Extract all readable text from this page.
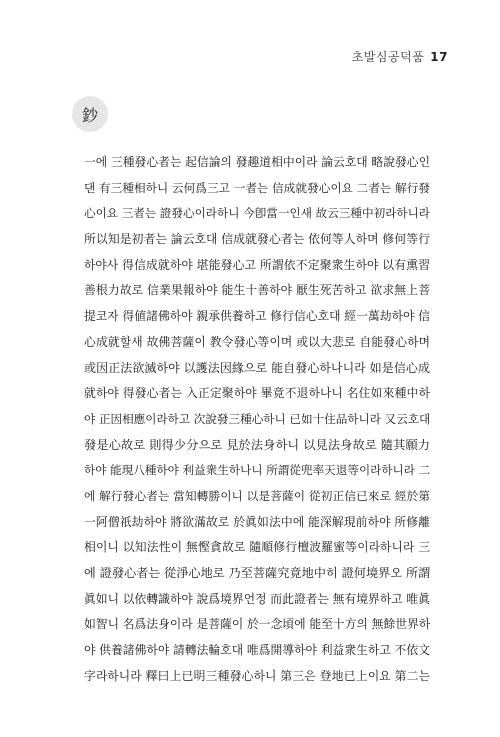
초발심공덕품 17
鈔
一에 三種發心者는 起信論의 發趣道相中이라 論云호대 略說發心인
댄 有三種相하니 云何爲三고 一者는 信成就發心이요 二者는 解行發
心이요 三者는 證發心이라하니 今卽當一인새 故云三種中初라하니라
所以知是初者는 論云호대 信成就發心者는 依何等人하며 修何等行
하야사 得信成就하야 堪能發心고 所謂依不定聚衆生하야 以有熏習
善根力故로 信業果報하야 能生十善하야 厭生死苦하고 欲求無上菩
提코자 得値諸佛하야 親承供養하고 修行信心호대 經一萬劫하야 信
心成就할새 故佛菩薩이 教令發心等이며 或以大悲로 自能發心하며
或因正法欲滅하야 以護法因緣으로 能自發心하나니라 如是信心成
就하야 得發心者는 入正定聚하야 畢竟不退하나니 名住如來種中하
야 正因相應이라하고 次說發三種心하니 已如十住品하니라 又云호대
發是心故로 則得少分으로 見於法身하니 以見法身故로 隨其願力
하야 能現八種하야 利益衆生하나니 所謂從兜率天退等이라하니라 二
에 解行發心者는 當知轉勝이니 以是菩薩이 從初正信已來로 經於第
一阿僧祇劫하야 將欲滿故로 於眞如法中에 能深解現前하야 所修離
相이니 以知法性이 無慳貪故로 隨順修行檀波羅蜜等이라하니라 三
에 證發心者는 從淨心地로 乃至菩薩究竟地中히 證何境界오 所謂
眞如니 以依轉識하야 說爲境界언정 而此證者는 無有境界하고 唯眞
如智니 名爲法身이라 是菩薩이 於一念頃에 能至十方의 無餘世界하
야 供養諸佛하야 請轉法輪호대 唯爲開導하야 利益衆生하고 不依文
字라하니라 釋曰上已明三種發心하니 第三은 登地已上이요 第二는
